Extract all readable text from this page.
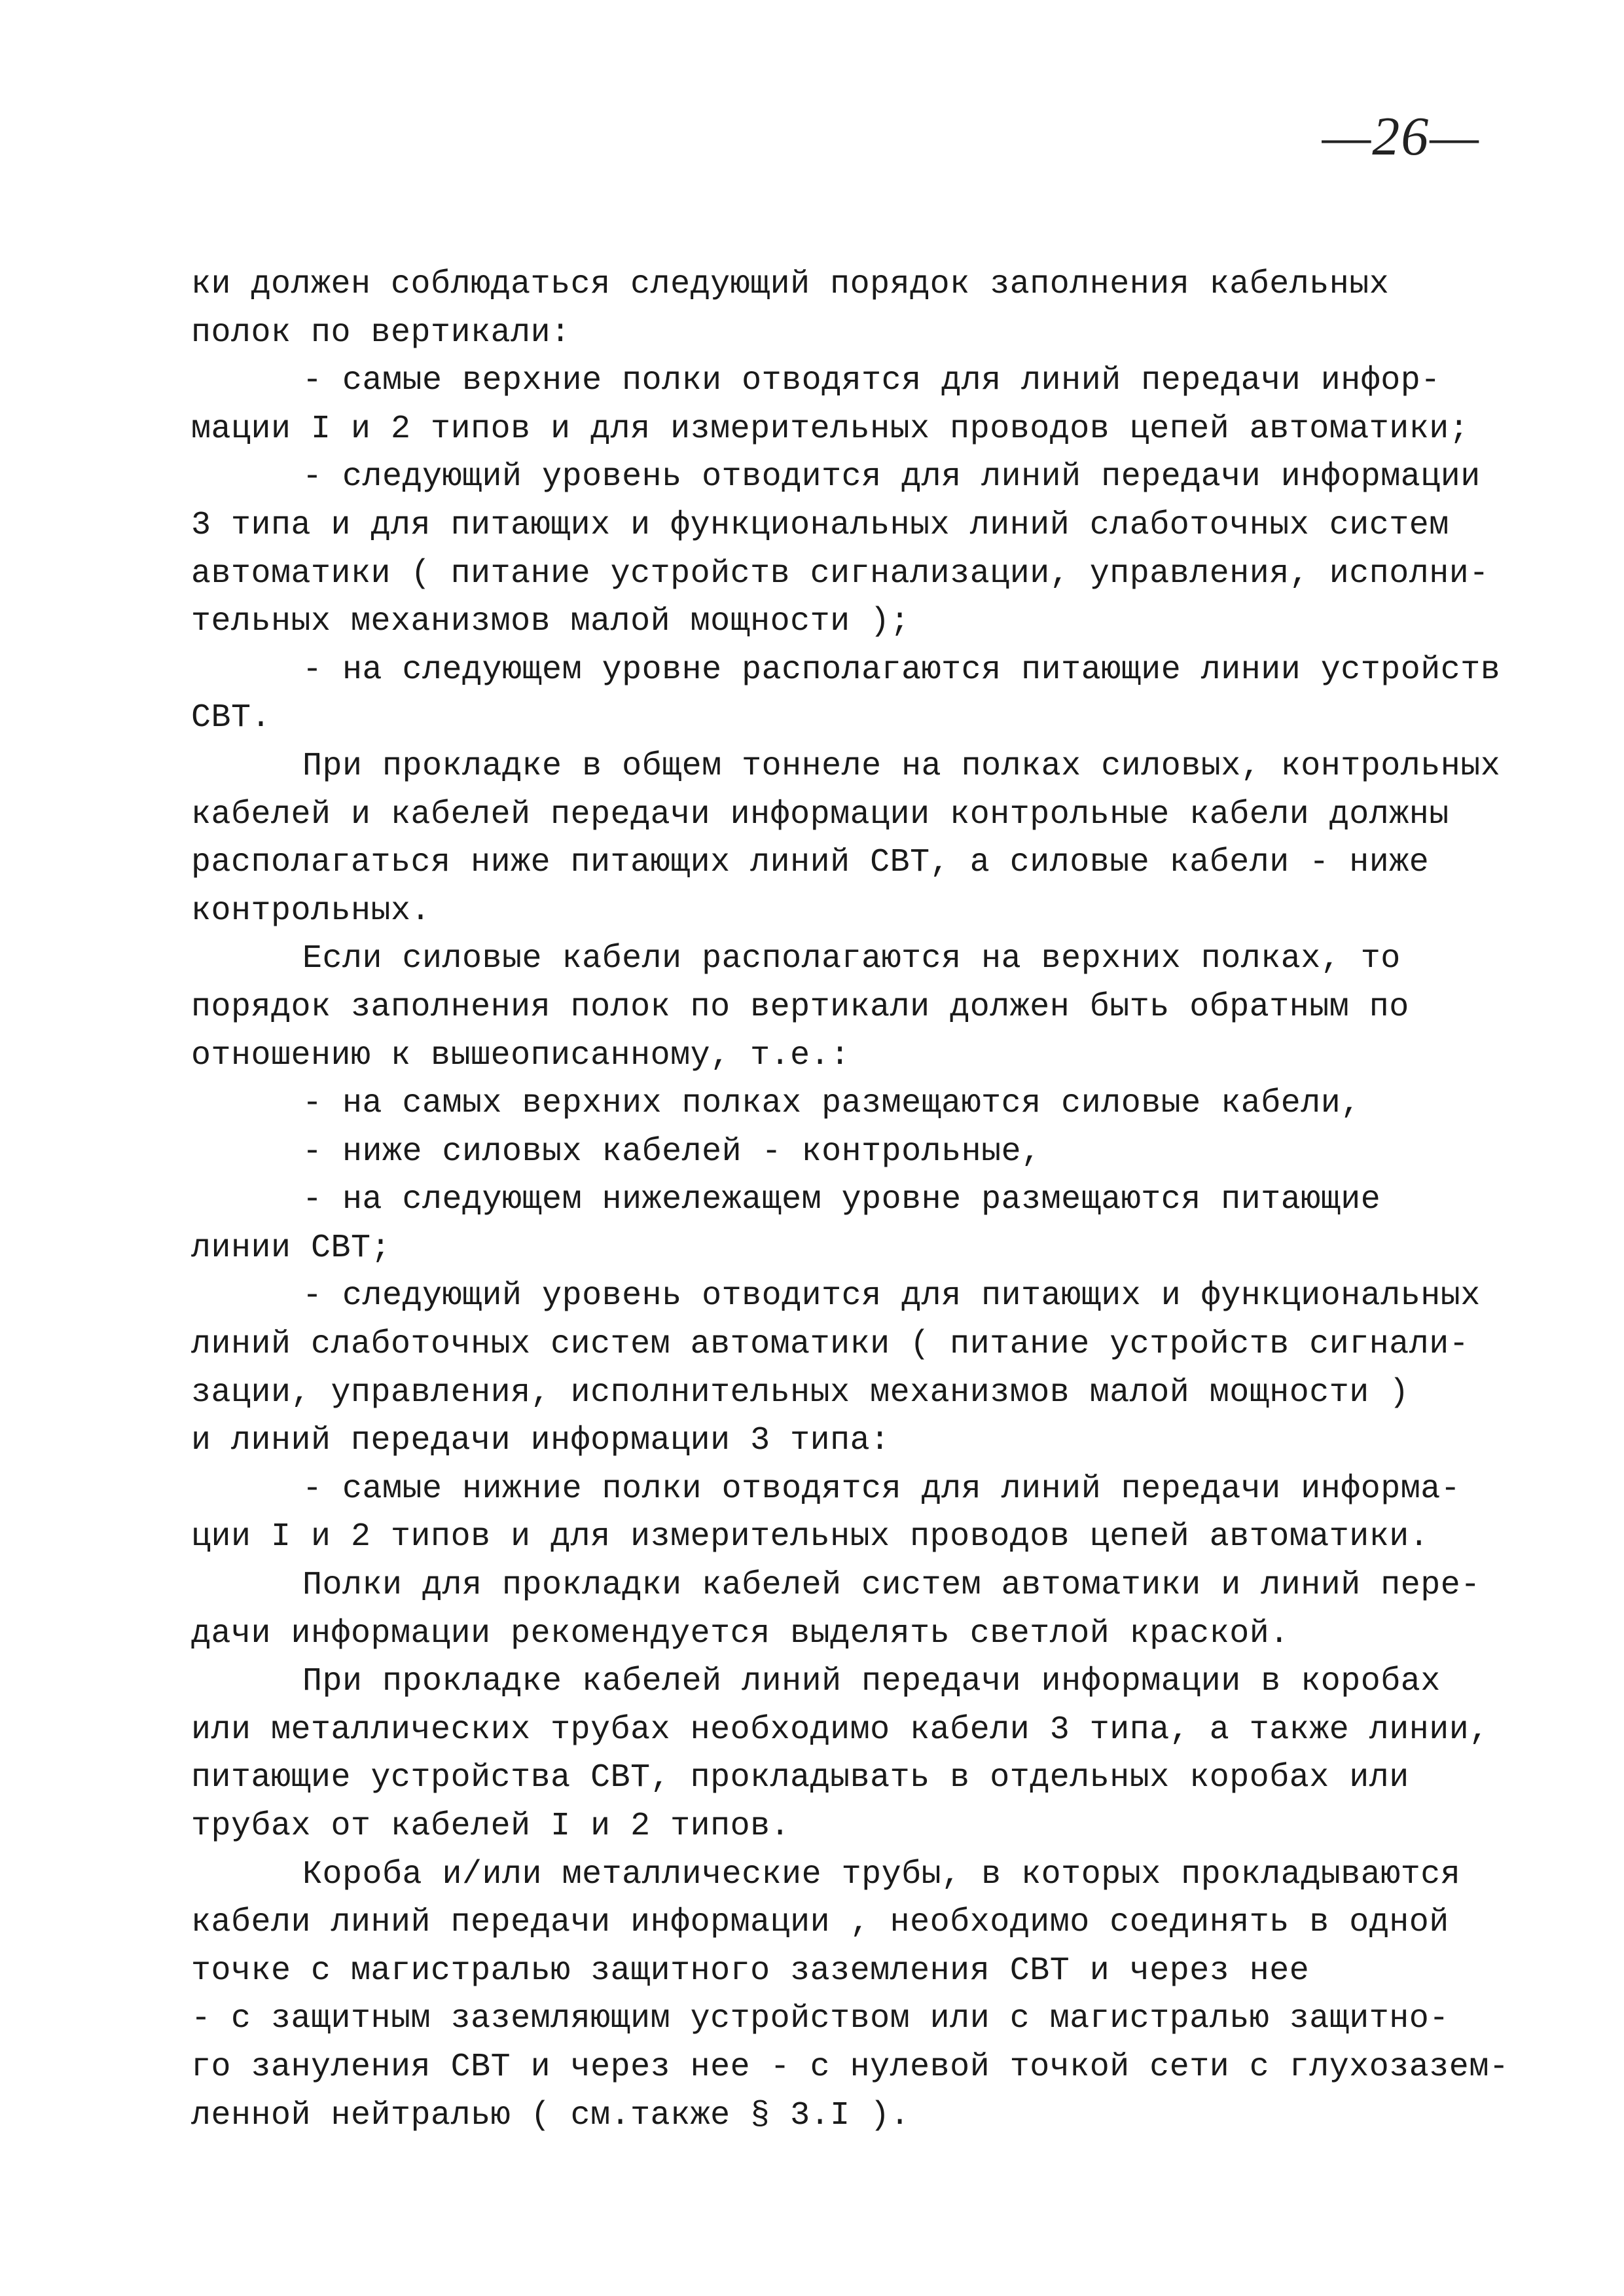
—26—
ки должен соблюдаться следующий порядок заполнения кабельных
полок по вертикали:
- самые верхние полки отводятся для линий передачи инфор-
мации I и 2 типов и для измерительных проводов цепей автоматики;
- следующий уровень отводится для линий передачи информации
3 типа и для питающих и функциональных линий слаботочных систем
автоматики ( питание устройств сигнализации, управления, исполни-
тельных механизмов малой мощности );
- на следующем уровне располагаются питающие линии устройств
СВТ.
При прокладке в общем тоннеле на полках силовых, контрольных
кабелей и кабелей передачи информации контрольные кабели должны
располагаться ниже питающих линий СВТ, а силовые кабели - ниже
контрольных.
Если силовые кабели располагаются на верхних полках, то
порядок заполнения полок по вертикали должен быть обратным по
отношению к вышеописанному, т.е.:
- на самых верхних полках размещаются силовые кабели,
- ниже силовых кабелей - контрольные,
- на следующем нижележащем уровне размещаются питающие
линии СВТ;
- следующий уровень отводится для питающих и функциональных
линий слаботочных систем автоматики ( питание устройств сигнали-
зации, управления, исполнительных механизмов малой мощности )
и линий передачи информации 3 типа:
- самые нижние полки отводятся для линий передачи информа-
ции I и 2 типов и для измерительных проводов цепей автоматики.
Полки для прокладки кабелей систем автоматики и линий пере-
дачи информации рекомендуется выделять светлой краской.
При прокладке кабелей линий передачи информации в коробах
или металлических трубах необходимо кабели 3 типа, а также линии,
питающие устройства СВТ, прокладывать в отдельных коробах или
трубах от кабелей I и 2 типов.
Короба и/или металлические трубы, в которых прокладываются
кабели линий передачи информации , необходимо соединять в одной
точке с магистралью защитного заземления СВТ и через нее
- с защитным заземляющим устройством или с магистралью защитно-
го зануления СВТ и через нее - с нулевой точкой сети с глухозазем-
ленной нейтралью ( см.также § 3.I ).
